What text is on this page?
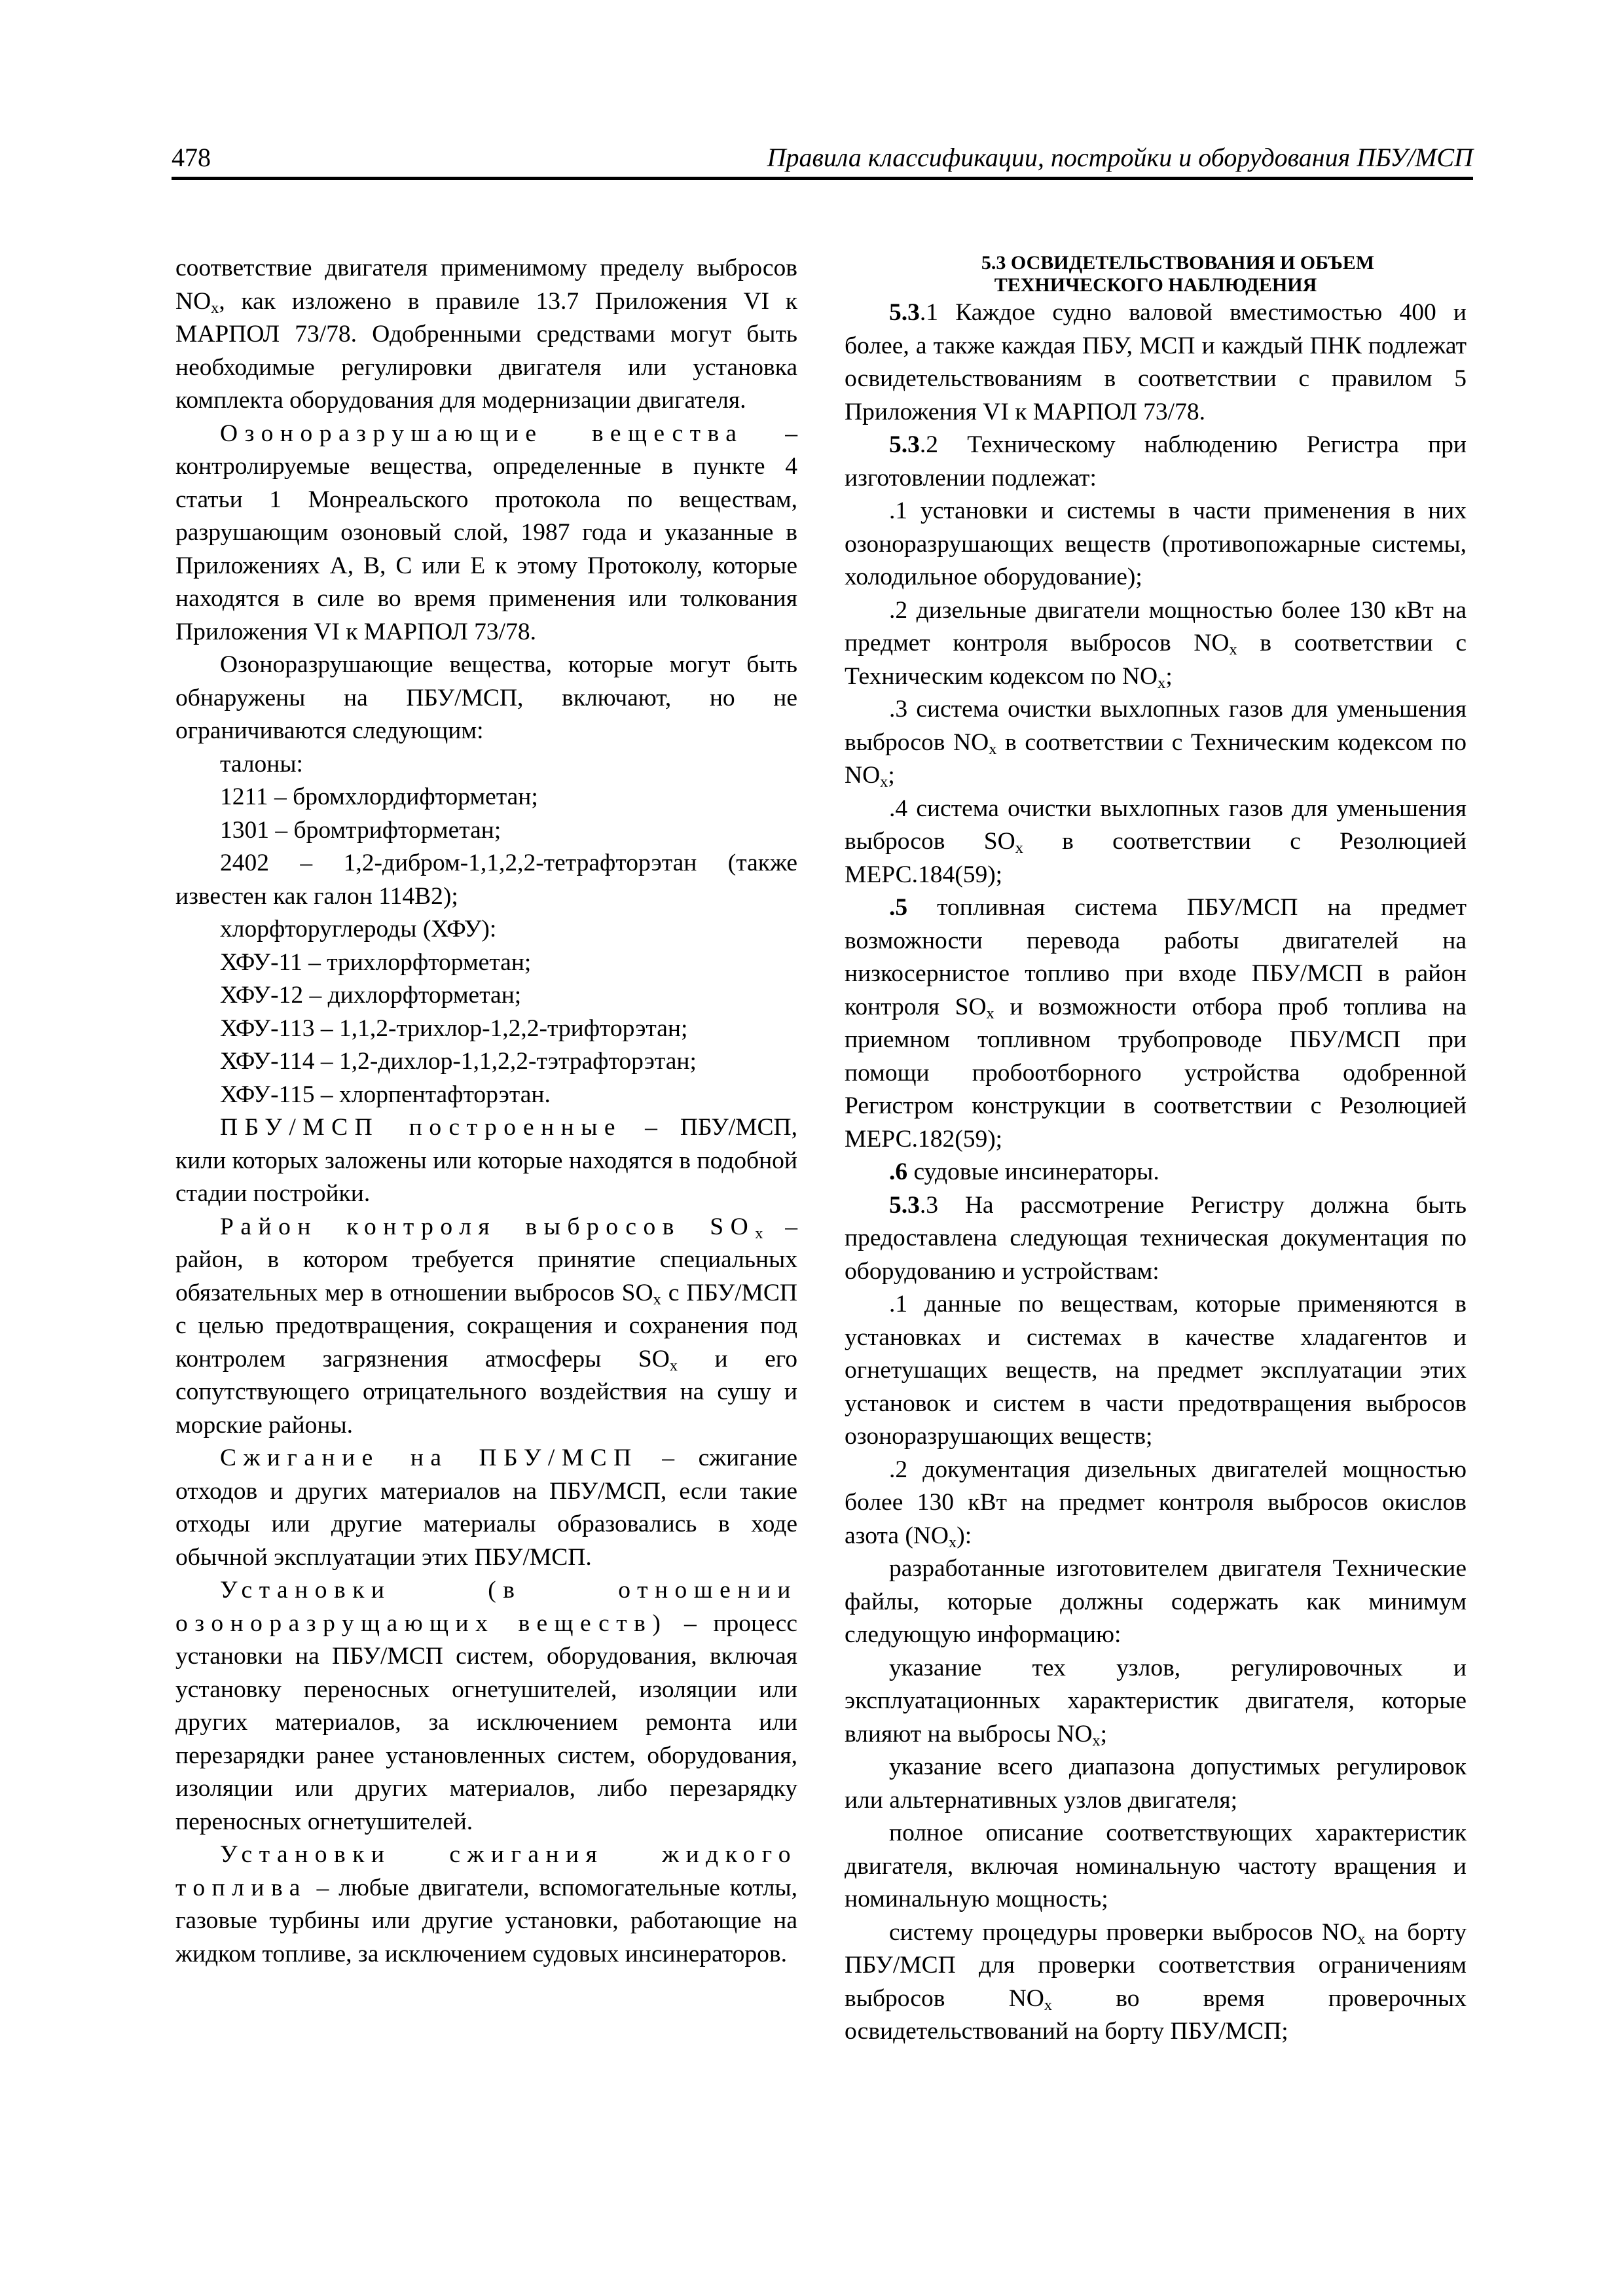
478	Правила классификации, постройки и оборудования ПБУ/МСП

соответствие двигателя применимому пределу выбросов $NO_x$, как изложено в правиле 13.7 Приложения VI к МАРПОЛ 73/78. Одобренными средствами могут быть необходимые регулировки двигателя или установка комплекта оборудования для модернизации двигателя.

Озоноразрушающие вещества – контролируемые вещества, определенные в пункте 4 статьи 1 Монреальского протокола по веществам, разрушающим озоновый слой, 1987 года и указанные в Приложениях А, В, С или Е к этому Протоколу, которые находятся в силе во время применения или толкования Приложения VI к МАРПОЛ 73/78.

Озоноразрушающие вещества, которые могут быть обнаружены на ПБУ/МСП, включают, но не ограничиваются следующим:

талоны:

1211 – бромхлордифторметан;

1301 – бромтрифторметан;

2402 – 1,2-дибром-1,1,2,2-тетрафторэтан (также известен как галон 114В2);

хлорфторуглероды (ХФУ):

ХФУ-11 – трихлорфторметан;

ХФУ-12 – дихлорфторметан;

ХФУ-113 – 1,1,2-трихлор-1,2,2-трифторэтан;

ХФУ-114 – 1,2-дихлор-1,1,2,2-тэтрафторэтан;

ХФУ-115 – хлорпентафторэтан.

ПБУ/МСП построенные – ПБУ/МСП, кили которых заложены или которые находятся в подобной стадии постройки.

Район контроля выбросов $SO_x$ – район, в котором требуется принятие специальных обязательных мер в отношении выбросов $SO_x$ с ПБУ/МСП с целью предотвращения, сокращения и сохранения под контролем загрязнения атмосферы $SO_x$ и его сопутствующего отрицательного воздействия на сушу и морские районы.

Сжигание на ПБУ/МСП – сжигание отходов и других материалов на ПБУ/МСП, если такие отходы или другие материалы образовались в ходе обычной эксплуатации этих ПБУ/МСП.

Установки (в отношении озоноразрущающих веществ) – процесс установки на ПБУ/МСП систем, оборудования, включая установку переносных огнетушителей, изоляции или других материалов, за исключением ремонта или перезарядки ранее установленных систем, оборудования, изоляции или других материалов, либо перезарядку переносных огнетушителей.

Установки сжигания жидкого топлива – любые двигатели, вспомогательные котлы, газовые турбины или другие установки, работающие на жидком топливе, за исключением судовых инсинераторов.

5.3 ОСВИДЕТЕЛЬСТВОВАНИЯ И ОБЪЕМ
ТЕХНИЧЕСКОГО НАБЛЮДЕНИЯ

5.3.1 Каждое судно валовой вместимостью 400 и более, а также каждая ПБУ, МСП и каждый ПНК подлежат освидетельствованиям в соответствии с правилом 5 Приложения VI к МАРПОЛ 73/78.

5.3.2 Техническому наблюдению Регистра при изготовлении подлежат:

.1 установки и системы в части применения в них озоноразрушающих веществ (противопожарные системы, холодильное оборудование);

.2 дизельные двигатели мощностью более 130 кВт на предмет контроля выбросов $NO_x$ в соответствии с Техническим кодексом по $NO_x$;

.3 система очистки выхлопных газов для уменьшения выбросов $NO_x$ в соответствии с Техническим кодексом по $NO_x$;

.4 система очистки выхлопных газов для уменьшения выбросов $SO_x$ в соответствии с Резолюцией МЕРС.184(59);

.5 топливная система ПБУ/МСП на предмет возможности перевода работы двигателей на низкосернистое топливо при входе ПБУ/МСП в район контроля $SO_x$ и возможности отбора проб топлива на приемном топливном трубопроводе ПБУ/МСП при помощи пробоотборного устройства одобренной Регистром конструкции в соответствии с Резолюцией МЕРС.182(59);

.6 судовые инсинераторы.

5.3.3 На рассмотрение Регистру должна быть предоставлена следующая техническая документация по оборудованию и устройствам:

.1 данные по веществам, которые применяются в установках и системах в качестве хладагентов и огнетушащих веществ, на предмет эксплуатации этих установок и систем в части предотвращения выбросов озоноразрушающих веществ;

.2 документация дизельных двигателей мощностью более 130 кВт на предмет контроля выбросов окислов азота $(NO_x)$:

разработанные изготовителем двигателя Технические файлы, которые должны содержать как минимум следующую информацию:

указание тех узлов, регулировочных и эксплуатационных характеристик двигателя, которые влияют на выбросы $NO_x$;

указание всего диапазона допустимых регулировок или альтернативных узлов двигателя;

полное описание соответствующих характеристик двигателя, включая номинальную частоту вращения и номинальную мощность;

систему процедуры проверки выбросов $NO_x$ на борту ПБУ/МСП для проверки соответствия ограничениям выбросов $NO_x$ во время проверочных освидетельствований на борту ПБУ/МСП;
